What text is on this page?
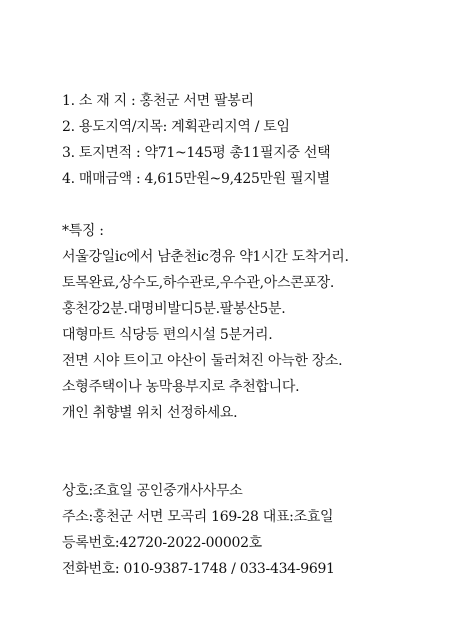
1. 소 재 지 : 홍천군 서면 팔봉리
2. 용도지역/지목: 계획관리지역 / 토임
3. 토지면적 : 약71~145평 총11필지중 선택
4. 매매금액 : 4,615만원~9,425만원 필지별
*특징 :
서울강일ic에서 남춘천ic경유 약1시간 도착거리.
토목완료,상수도,하수관로,우수관,아스콘포장.
홍천강2분.대명비발디5분.팔봉산5분.
대형마트 식당등 편의시설 5분거리.
전면 시야 트이고 야산이 둘러쳐진 아늑한 장소.
소형주택이나 농막용부지로 추천합니다.
개인 취향별 위치 선정하세요.
상호:조효일 공인중개사사무소
주소:홍천군 서면 모곡리 169-28 대표:조효일
등록번호:42720-2022-00002호
전화번호: 010-9387-1748 / 033-434-9691
